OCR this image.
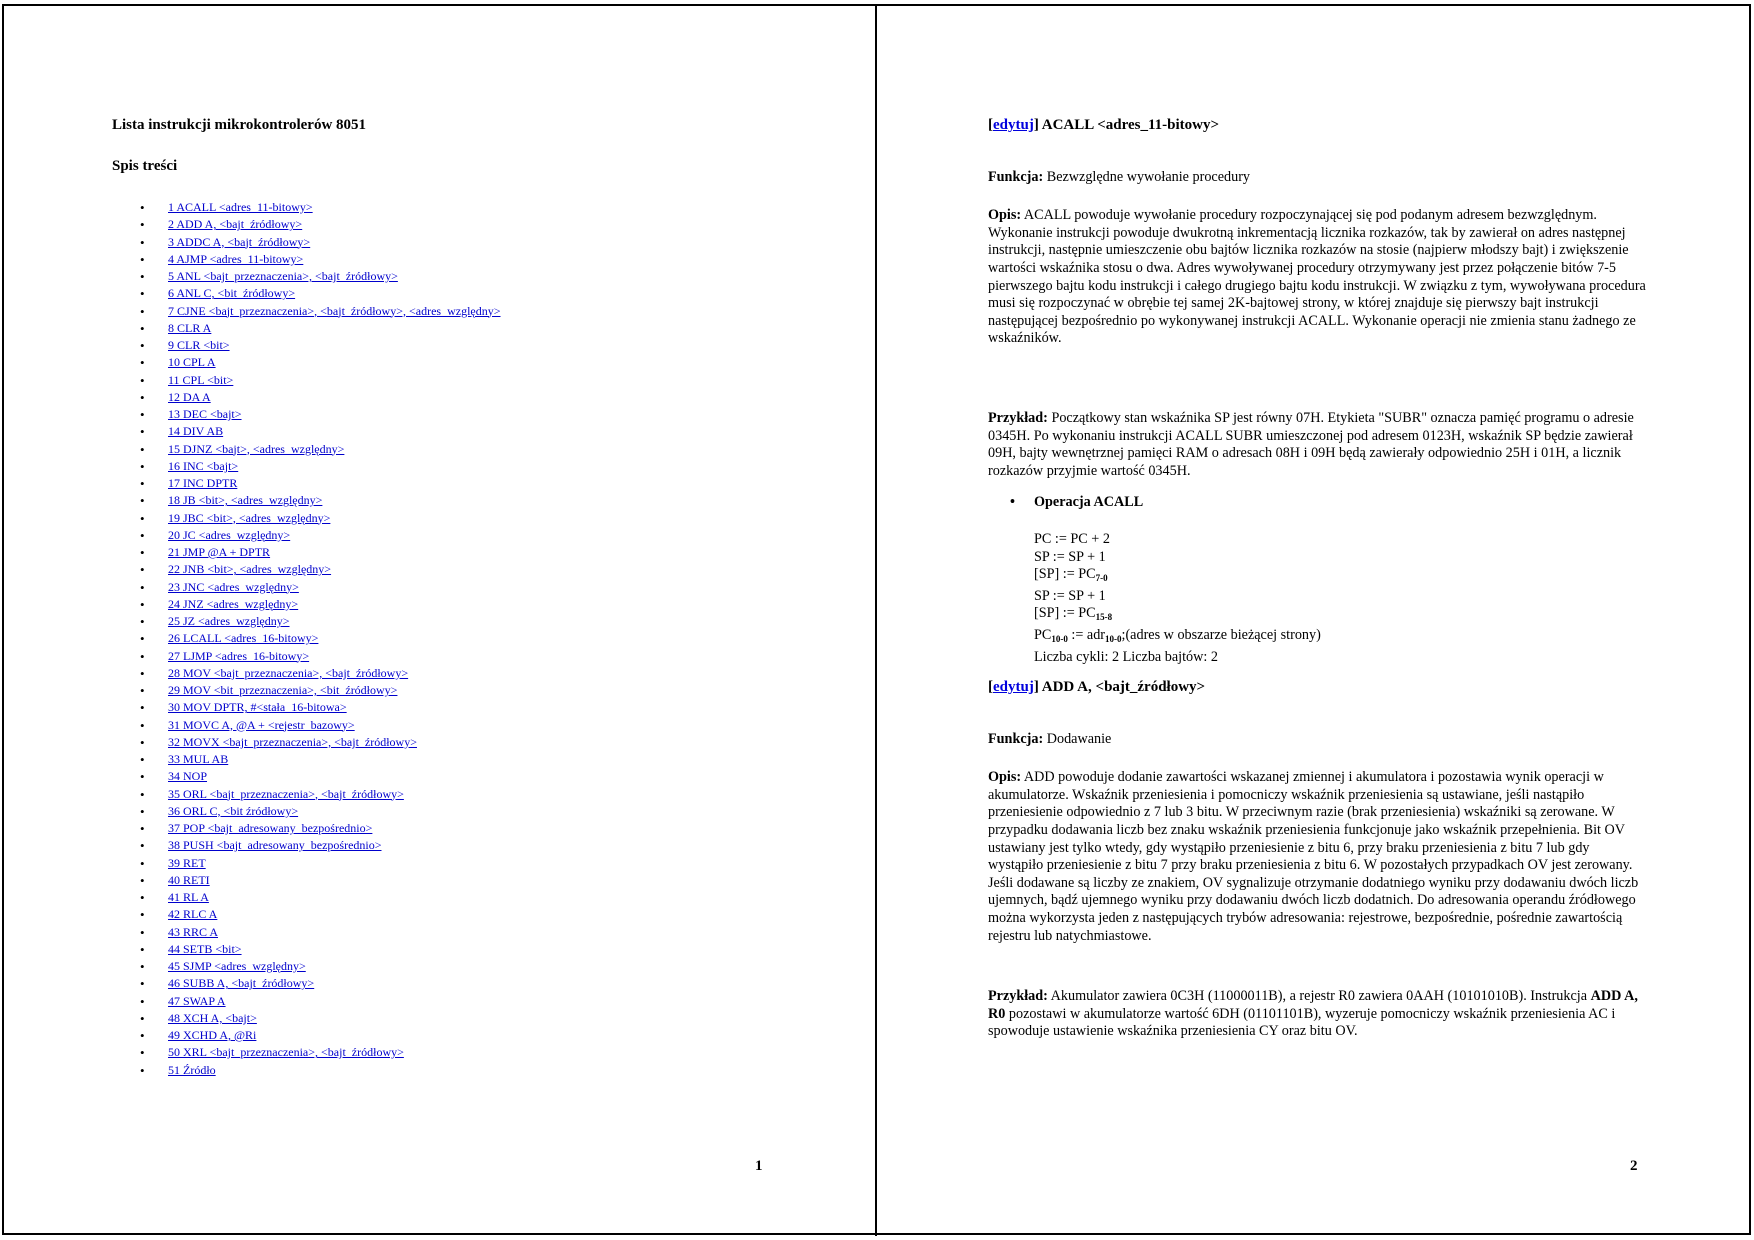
Lista instrukcji mikrokontrolerów 8051
Spis treści
• 1 ACALL <adres_11-bitowy>
• 2 ADD A, <bajt_źródłowy>
• 3 ADDC A, <bajt_źródłowy>
• 4 AJMP <adres_11-bitowy>
• 5 ANL <bajt_przeznaczenia>, <bajt_źródłowy>
• 6 ANL C, <bit_źródłowy>
• 7 CJNE <bajt_przeznaczenia>, <bajt_źródłowy>, <adres_względny>
• 8 CLR A
• 9 CLR <bit>
• 10 CPL A
• 11 CPL <bit>
• 12 DA A
• 13 DEC <bajt>
• 14 DIV AB
• 15 DJNZ <bajt>, <adres_względny>
• 16 INC <bajt>
• 17 INC DPTR
• 18 JB <bit>, <adres_względny>
• 19 JBC <bit>, <adres_względny>
• 20 JC <adres_względny>
• 21 JMP @A + DPTR
• 22 JNB <bit>, <adres_względny>
• 23 JNC <adres_względny>
• 24 JNZ <adres_względny>
• 25 JZ <adres_względny>
• 26 LCALL <adres_16-bitowy>
• 27 LJMP <adres_16-bitowy>
• 28 MOV <bajt_przeznaczenia>, <bajt_źródłowy>
• 29 MOV <bit_przeznaczenia>, <bit_źródłowy>
• 30 MOV DPTR, #<stała_16-bitowa>
• 31 MOVC A, @A + <rejestr_bazowy>
• 32 MOVX <bajt_przeznaczenia>, <bajt_źródłowy>
• 33 MUL AB
• 34 NOP
• 35 ORL <bajt_przeznaczenia>, <bajt_źródłowy>
• 36 ORL C, <bit źródłowy>
• 37 POP <bajt_adresowany_bezpośrednio>
• 38 PUSH <bajt_adresowany_bezpośrednio>
• 39 RET
• 40 RETI
• 41 RL A
• 42 RLC A
• 43 RRC A
• 44 SETB <bit>
• 45 SJMP <adres_względny>
• 46 SUBB A, <bajt_źródłowy>
• 47 SWAP A
• 48 XCH A, <bajt>
• 49 XCHD A, @Ri
• 50 XRL <bajt_przeznaczenia>, <bajt_źródłowy>
• 51 Źródło
1
[edytuj] ACALL <adres_11-bitowy>

Funkcja: Bezwzględne wywołanie procedury

Opis: ACALL powoduje wywołanie procedury rozpoczynającej się pod podanym adresem bezwzględnym. Wykonanie instrukcji powoduje dwukrotną inkrementacją licznika rozkazów, tak by zawierał on adres następnej instrukcji, następnie umieszczenie obu bajtów licznika rozkazów na stosie (najpierw młodszy bajt) i zwiększenie wartości wskaźnika stosu o dwa. Adres wywoływanej procedury otrzymywany jest przez połączenie bitów 7-5 pierwszego bajtu kodu instrukcji i całego drugiego bajtu kodu instrukcji. W związku z tym, wywoływana procedura musi się rozpoczynać w obrębie tej samej 2K-bajtowej strony, w której znajduje się pierwszy bajt instrukcji następującej bezpośrednio po wykonywanej instrukcji ACALL. Wykonanie operacji nie zmienia stanu żadnego ze wskaźników.

Przykład: Początkowy stan wskaźnika SP jest równy 07H. Etykieta "SUBR" oznacza pamięć programu o adresie 0345H. Po wykonaniu instrukcji ACALL SUBR umieszczonej pod adresem 0123H, wskaźnik SP będzie zawierał 09H, bajty wewnętrznej pamięci RAM o adresach 08H i 09H będą zawierały odpowiednio 25H i 01H, a licznik rozkazów przyjmie wartość 0345H.

• Operacja ACALL
PC := PC + 2
SP := SP + 1
[SP] := $PC_{7-0}$
SP := SP + 1
[SP] := $PC_{15-8}$
$PC_{10-0}$ := adr$_{10-0}$;(adres w obszarze bieżącej strony)
Liczba cykli: 2 Liczba bajtów: 2
[edytuj] ADD A, <bajt_źródłowy>

Funkcja: Dodawanie

Opis: ADD powoduje dodanie zawartości wskazanej zmiennej i akumulatora i pozostawia wynik operacji w akumulatorze. Wskaźnik przeniesienia i pomocniczy wskaźnik przeniesienia są ustawiane, jeśli nastąpiło przeniesienie odpowiednio z 7 lub 3 bitu. W przeciwnym razie (brak przeniesienia) wskaźniki są zerowane. W przypadku dodawania liczb bez znaku wskaźnik przeniesienia funkcjonuje jako wskaźnik przepełnienia. Bit OV ustawiany jest tylko wtedy, gdy wystąpiło przeniesienie z bitu 6, przy braku przeniesienia z bitu 7 lub gdy wystąpiło przeniesienie z bitu 7 przy braku przeniesienia z bitu 6. W pozostałych przypadkach OV jest zerowany. Jeśli dodawane są liczby ze znakiem, OV sygnalizuje otrzymanie dodatniego wyniku przy dodawaniu dwóch liczb ujemnych, bądź ujemnego wyniku przy dodawaniu dwóch liczb dodatnich. Do adresowania operandu źródłowego można wykorzysta jeden z następujących trybów adresowania: rejestrowe, bezpośrednie, pośrednie zawartością rejestru lub natychmiastowe.

Przykład: Akumulator zawiera 0C3H (11000011B), a rejestr R0 zawiera 0AAH (10101010B). Instrukcja ADD A, R0 pozostawi w akumulatorze wartość 6DH (01101101B), wyzeruje pomocniczy wskaźnik przeniesienia AC i spowoduje ustawienie wskaźnika przeniesienia CY oraz bitu OV.

2
